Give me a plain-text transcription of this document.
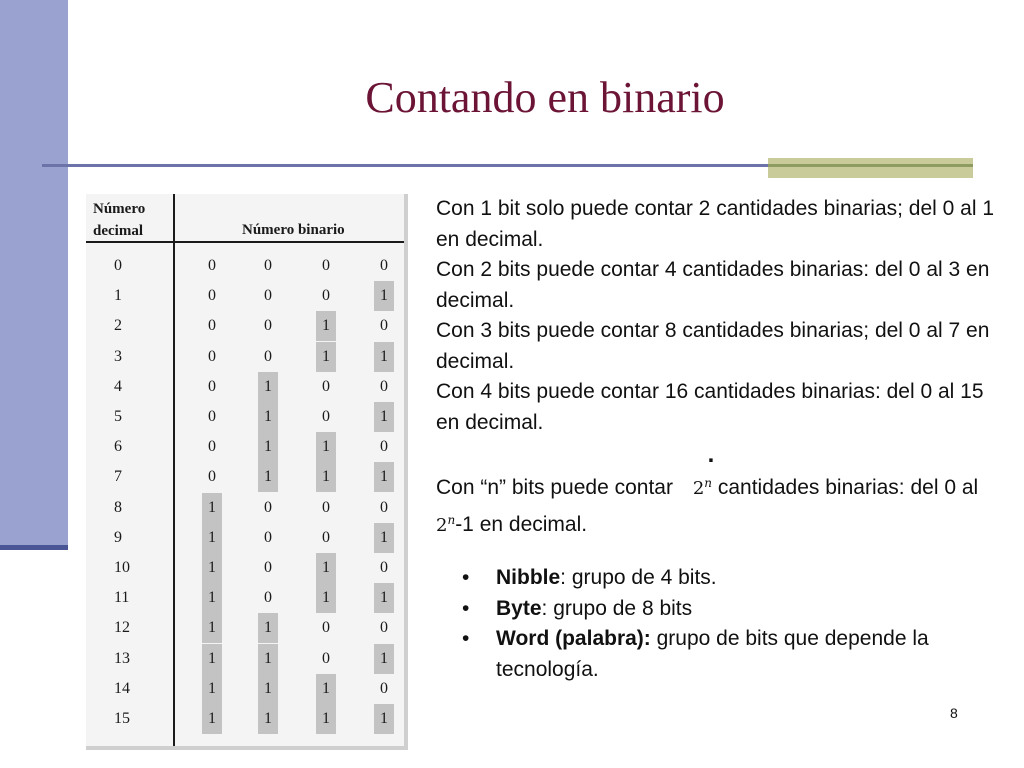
Contando en binario
Número decimal	Número binario
0	0	0	0	0
1	0	0	0	1
2	0	0	1	0
3	0	0	1	1
4	0	1	0	0
5	0	1	0	1
6	0	1	1	0
7	0	1	1	1
8	1	0	0	0
9	1	0	0	1
10	1	0	1	0
11	1	0	1	1
12	1	1	0	0
13	1	1	0	1
14	1	1	1	0
15	1	1	1	1

Con 1 bit solo puede contar 2 cantidades binarias; del 0 al 1 en decimal.

Con 2 bits puede contar 4 cantidades binarias: del 0 al 3 en decimal.

Con 3 bits puede contar 8 cantidades binarias; del 0 al 7 en decimal.

Con 4 bits puede contar 16 cantidades binarias: del 0 al 15 en decimal.

.

Con “n” bits puede contar 2$^n$ cantidades binarias: del 0 al 2$^n$-1 en decimal.

• Nibble: grupo de 4 bits.
• Byte: grupo de 8 bits
• Word (palabra): grupo de bits que depende la tecnología.
8
